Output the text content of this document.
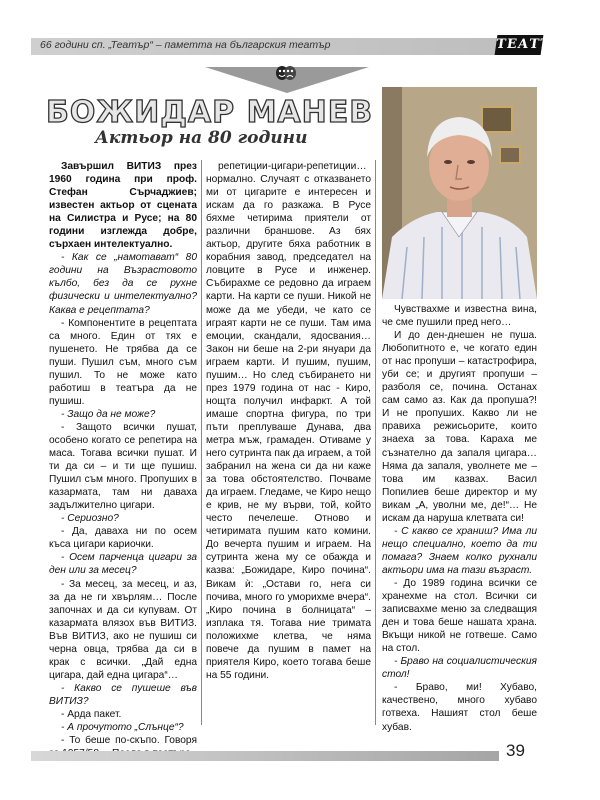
66 години сп. „Театър“ – паметта на българския театър	ТЕАТЪР
БОЖИДАР МАНЕВ
Актьор на 80 години

Завършил ВИТИЗ през 1960 година при проф. Стефан Сърчаджиев; известен актьор от сцената на Силистра и Русе; на 80 години изглежда добре, сърхаен интелектуално.

- Как се „намотават“ 80 години на Възрастовото кълбо, без да се рухне физически и интелектуално? Каква е рецептата?

- Компонентите в рецептата са много. Един от тях е пушенето. Не трябва да се пуши. Пушил съм, много съм пушил. То не може като работиш в театъра да не пушиш.

- Защо да не може?

- Защото всички пушат, особено когато се репетира на маса. Тогава всички пушат. И ти да си – и ти ще пушиш. Пушил съм много. Пропуших в казармата, там ни даваха задължително цигари.

- Сериозно?

- Да, даваха ни по осем къса цигари кариочки.

- Осем парченца цигари за ден или за месец?

- За месец, за месец, и аз, за да не ги хвърлям… После започнах и да си купувам. От казармата влязох във ВИТИЗ. Във ВИТИЗ, ако не пушиш си черна овца, трябва да си в крак с всички. „Дай една цигара, дай една цигара“…

- Какво се пушеше във ВИТИЗ?

- Арда пакет.

- А прочутото „Слънце“?

- То беше по-скъпо. Говоря

репетиции-цигари-репетиции… нормално. Случаят с отказването ми от цигарите е интересен и искам да го разкажа. В Русе бяхме четирима приятели от различни браншове. Аз бях актьор, другите бяха работник в корабния завод, председател на ловците в Русе и инженер. Събирахме се редовно да играем карти. На карти се пуши. Никой не може да ме убеди, че като се играят карти не се пуши. Там има емоции, скандали, ядосвания… Закон ни беше на 2-ри януари да играем карти. И пушим, пушим, пушим… Но след събирането ни през 1979 година от нас - Киро, нощта получил инфаркт. А той имаше спортна фигура, по три пъти преплуваше Дунава, два метра мъж, грамаден. Отиваме у него сутринта пак да играем, а той забранил на жена си да ни каже за това обстоятелство. Почваме да играем. Гледаме, че Киро нещо е крив, не му върви, той, който често печелеше. Отново и четиримата пушим като комини. До вечерта пушим и играем. На сутринта жена му се обажда и казва: „Божидаре, Киро почина“. Викам ѝ: „Остави го, нега си почива, много го уморихме вчера“. „Киро почина в болницата“ – изплака тя. Тогава ние тримата положихме клетва, че няма повече да пушим в памет на приятеля Киро, което тогава беше на 55 години.

Чувствахме и известна вина, че сме пушили пред него…

И до ден-днешен не пуша. Любопитното е, че когато един от нас пропуши – катастрофира, уби се; и другият пропуши – разболя се, почина. Останах сам само аз. Как да пропуша?! И не пропуших. Какво ли не правиха режисьорите, които знаеха за това. Караха ме съзнателно да запаля цигара… Няма да запаля, уволнете ме – това им казвах. Васил Попилиев беше директор и му викам „А, уволни ме, де!“… Не искам да наруша клетвата си!

- С какво се храниш? Има ли нещо специално, което да ти помага? Знаем колко рухнали актьори има на тази възраст.

- До 1989 година всички се хранехме на стол. Всички си записвахме меню за следващия ден и това беше нашата храна. Вкъщи никой не готвеше. Само на стол.

- Браво на социалистическия стол!

- Браво, ми! Хубаво, качествено, много хубаво готвеха. Нашият стол беше хубав.

39
